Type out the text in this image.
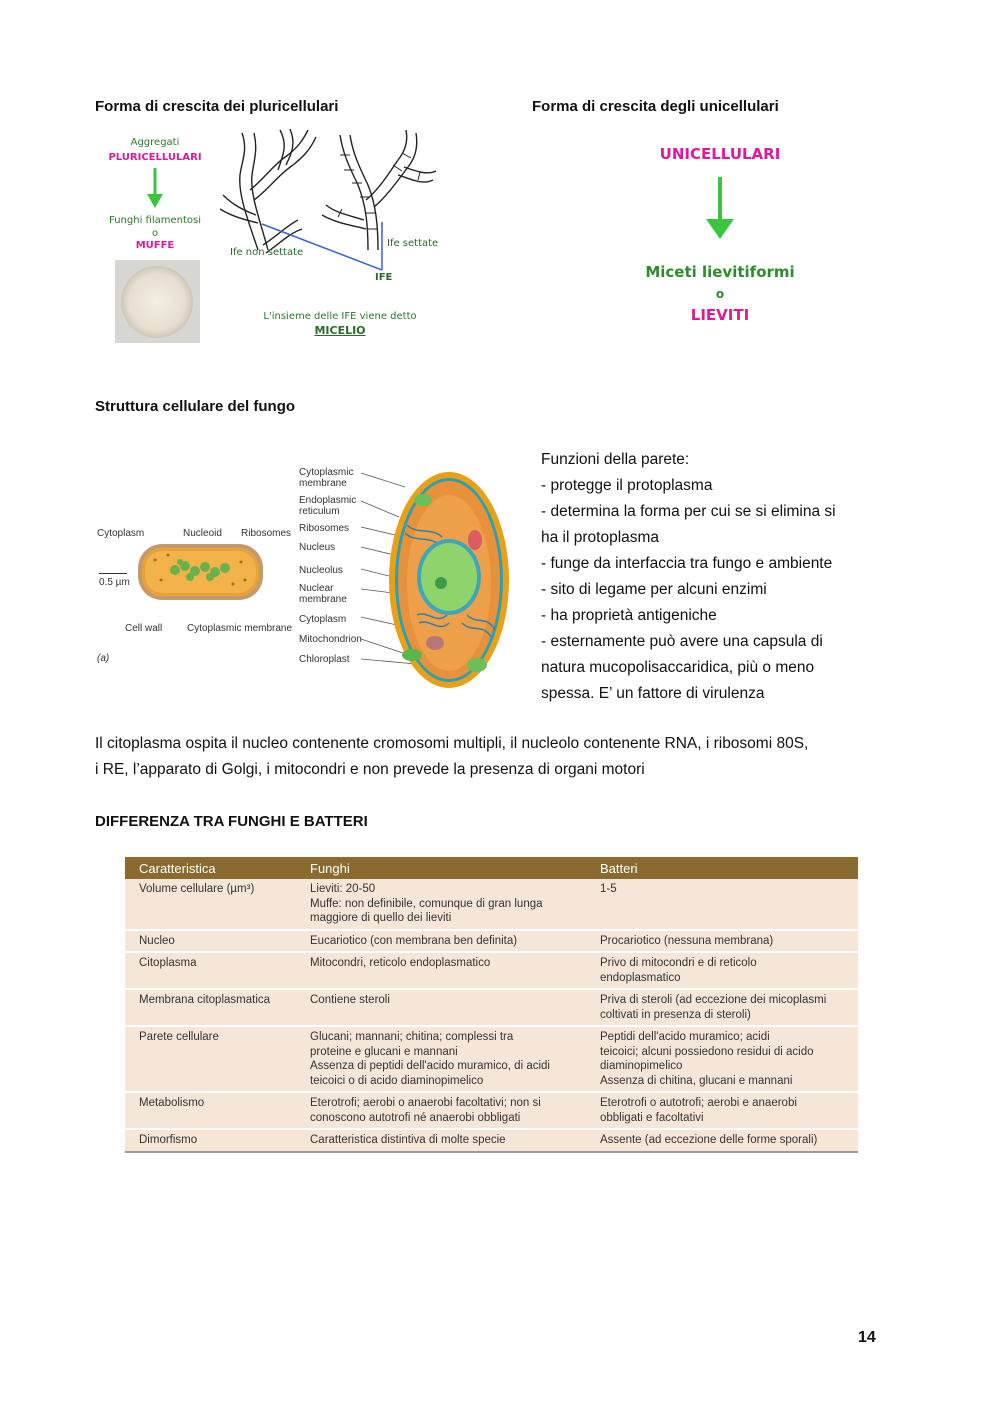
Forma di crescita dei pluricellulari	Forma di crescita degli unicellulari
Aggregati
PLURICELLULARI
Funghi filamentosi
o
MUFFE
Ife non settate
Ife settate
IFE
L'insieme delle IFE viene detto
MICELIO
UNICELLULARI
Miceti lievitiformi
o
LIEVITI
Struttura cellulare del fungo
Cytoplasm	Nucleoid Ribosomes
0.5 µm
Cell wall Cytoplasmic membrane
(a)
Cytoplasmic membrane
Endoplasmic reticulum
Ribosomes
Nucleus
Nucleolus
Nuclear membrane
Cytoplasm
Mitochondrion
Chloroplast
Funzioni della parete:
- protegge il protoplasma
- determina la forma per cui se si elimina si
ha il protoplasma
- funge da interfaccia tra fungo e ambiente
- sito di legame per alcuni enzimi
- ha proprietà antigeniche
- esternamente può avere una capsula di
natura mucopolisaccaridica, più o meno
spessa. E’ un fattore di virulenza
Il citoplasma ospita il nucleo contenente cromosomi multipli, il nucleolo contenente RNA, i ribosomi 80S,
i RE, l’apparato di Golgi, i mitocondri e non prevede la presenza di organi motori
DIFFERENZA TRA FUNGHI E BATTERI
Caratteristica	Funghi	Batteri
Volume cellulare (µm³)	Lieviti: 20-50
Muffe: non definibile, comunque di gran lunga
maggiore di quello dei lieviti	1-5
Nucleo	Eucariotico (con membrana ben definita)	Procariotico (nessuna membrana)
Citoplasma	Mitocondri, reticolo endoplasmatico	Privo di mitocondri e di reticolo
endoplasmatico
Membrana citoplasmatica	Contiene steroli	Priva di steroli (ad eccezione dei micoplasmi
coltivati in presenza di steroli)
Parete cellulare	Glucani; mannani; chitina; complessi tra
proteine e glucani e mannani
Assenza di peptidi dell'acido muramico, di acidi
teicoici o di acido diaminopimelico	Peptidi dell'acido muramico; acidi
teicoici; alcuni possiedono residui di acido
diaminopimelico
Assenza di chitina, glucani e mannani
Metabolismo	Eterotrofi; aerobi o anaerobi facoltativi; non si
conoscono autotrofi né anaerobi obbligati	Eterotrofi o autotrofi; aerobi e anaerobi
obbligati e facoltativi
Dimorfismo	Caratteristica distintiva di molte specie	Assente (ad eccezione delle forme sporali)
14
